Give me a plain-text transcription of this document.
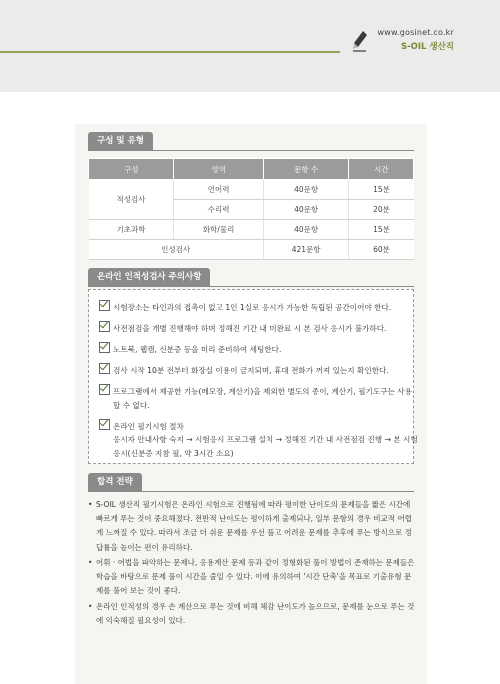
www.gosinet.co.kr
S-OIL 생산직
구성 및 유형
구성	영역	문항 수	시간
적성검사	언어력	40문항	15분
	수리력	40문항	20분
기초과학	화학/물리	40문항	15분
인성검사		421문항	60분
온라인 인적성검사 주의사항
시험장소는 타인과의 접촉이 없고 1인 1실로 응시가 가능한 독립된 공간이어야 한다.
사전점검을 개별 진행해야 하며 정해진 기간 내 미완료 시 본 검사 응시가 불가하다.
노트북, 웹캠, 신분증 등을 미리 준비하여 세팅한다.
검사 시작 10분 전부터 화장실 이용이 금지되며, 휴대 전화가 꺼져 있는지 확인한다.
프로그램에서 제공한 기능(메모장, 계산기)을 제외한 별도의 종이, 계산기, 필기도구는 사용할 수 없다.
온라인 필기시험 절차
응시자 안내사항 숙지 → 시험응시 프로그램 설치 → 정해진 기간 내 사전점검 진행 → 본 시험 응시(신분증 지참 필, 약 3시간 소요)
합격 전략
• S-OIL 생산직 필기시험은 온라인 시험으로 진행됨에 따라 평이한 난이도의 문제들을 짧은 시간에 빠르게 푸는 것이 중요해졌다. 전반적 난이도는 평이하게 출제되나, 일부 문항의 경우 비교적 어렵게 느껴질 수 있다. 따라서 조금 더 쉬운 문제를 우선 풀고 어려운 문제를 추후에 푸는 방식으로 정답률을 높이는 편이 유리하다.
• 어휘 · 어법을 파악하는 문제나, 응용계산 문제 등과 같이 정형화된 풀이 방법이 존재하는 문제들은 학습을 바탕으로 문제 풀이 시간을 줄일 수 있다. 이에 유의하여 '시간 단축'을 목표로 기출유형 문제를 풀어 보는 것이 좋다.
• 온라인 인적성의 경우 손 계산으로 푸는 것에 비해 체감 난이도가 높으므로, 문제를 눈으로 푸는 것에 익숙해질 필요성이 있다.
